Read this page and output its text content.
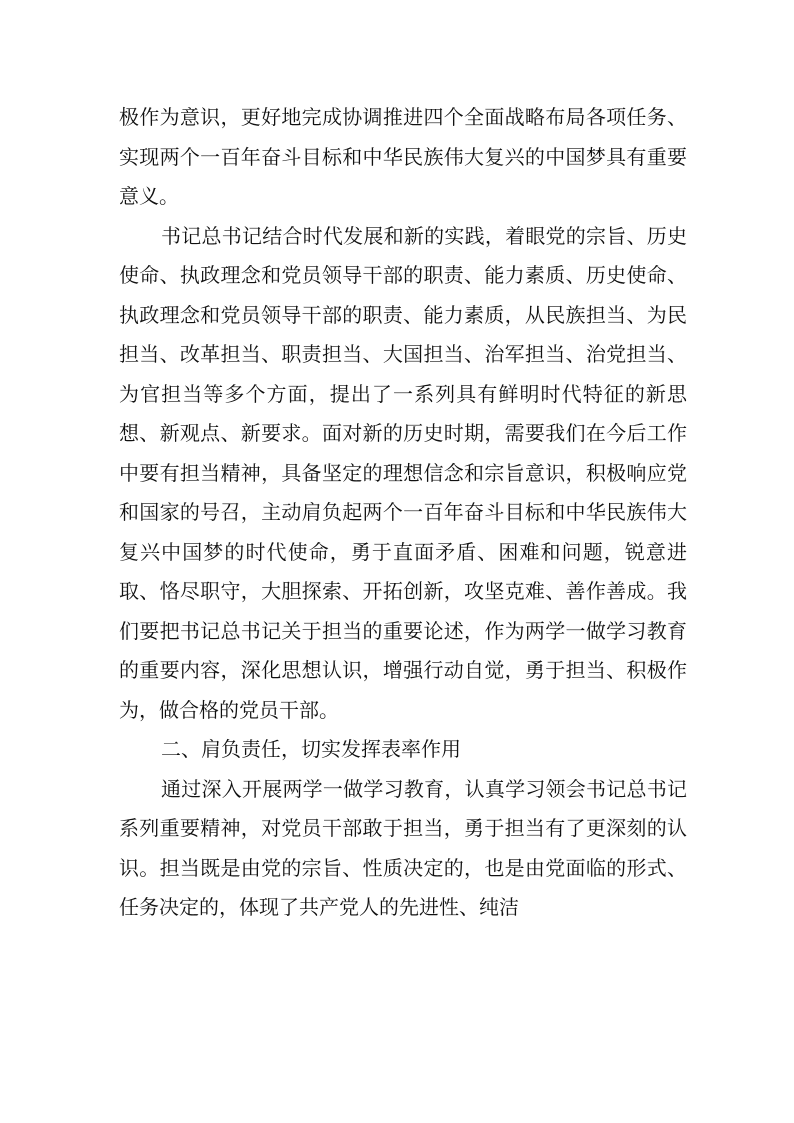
极作为意识，更好地完成协调推进四个全面战略布局各项任务、实现两个一百年奋斗目标和中华民族伟大复兴的中国梦具有重要意义。

书记总书记结合时代发展和新的实践，着眼党的宗旨、历史使命、执政理念和党员领导干部的职责、能力素质、历史使命、执政理念和党员领导干部的职责、能力素质，从民族担当、为民担当、改革担当、职责担当、大国担当、治军担当、治党担当、为官担当等多个方面，提出了一系列具有鲜明时代特征的新思想、新观点、新要求。面对新的历史时期，需要我们在今后工作中要有担当精神，具备坚定的理想信念和宗旨意识，积极响应党和国家的号召，主动肩负起两个一百年奋斗目标和中华民族伟大复兴中国梦的时代使命，勇于直面矛盾、困难和问题，锐意进取、恪尽职守，大胆探索、开拓创新，攻坚克难、善作善成。我们要把书记总书记关于担当的重要论述，作为两学一做学习教育的重要内容，深化思想认识，增强行动自觉，勇于担当、积极作为，做合格的党员干部。

二、肩负责任，切实发挥表率作用

通过深入开展两学一做学习教育，认真学习领会书记总书记系列重要精神，对党员干部敢于担当，勇于担当有了更深刻的认识。担当既是由党的宗旨、性质决定的，也是由党面临的形式、任务决定的，体现了共产党人的先进性、纯洁
